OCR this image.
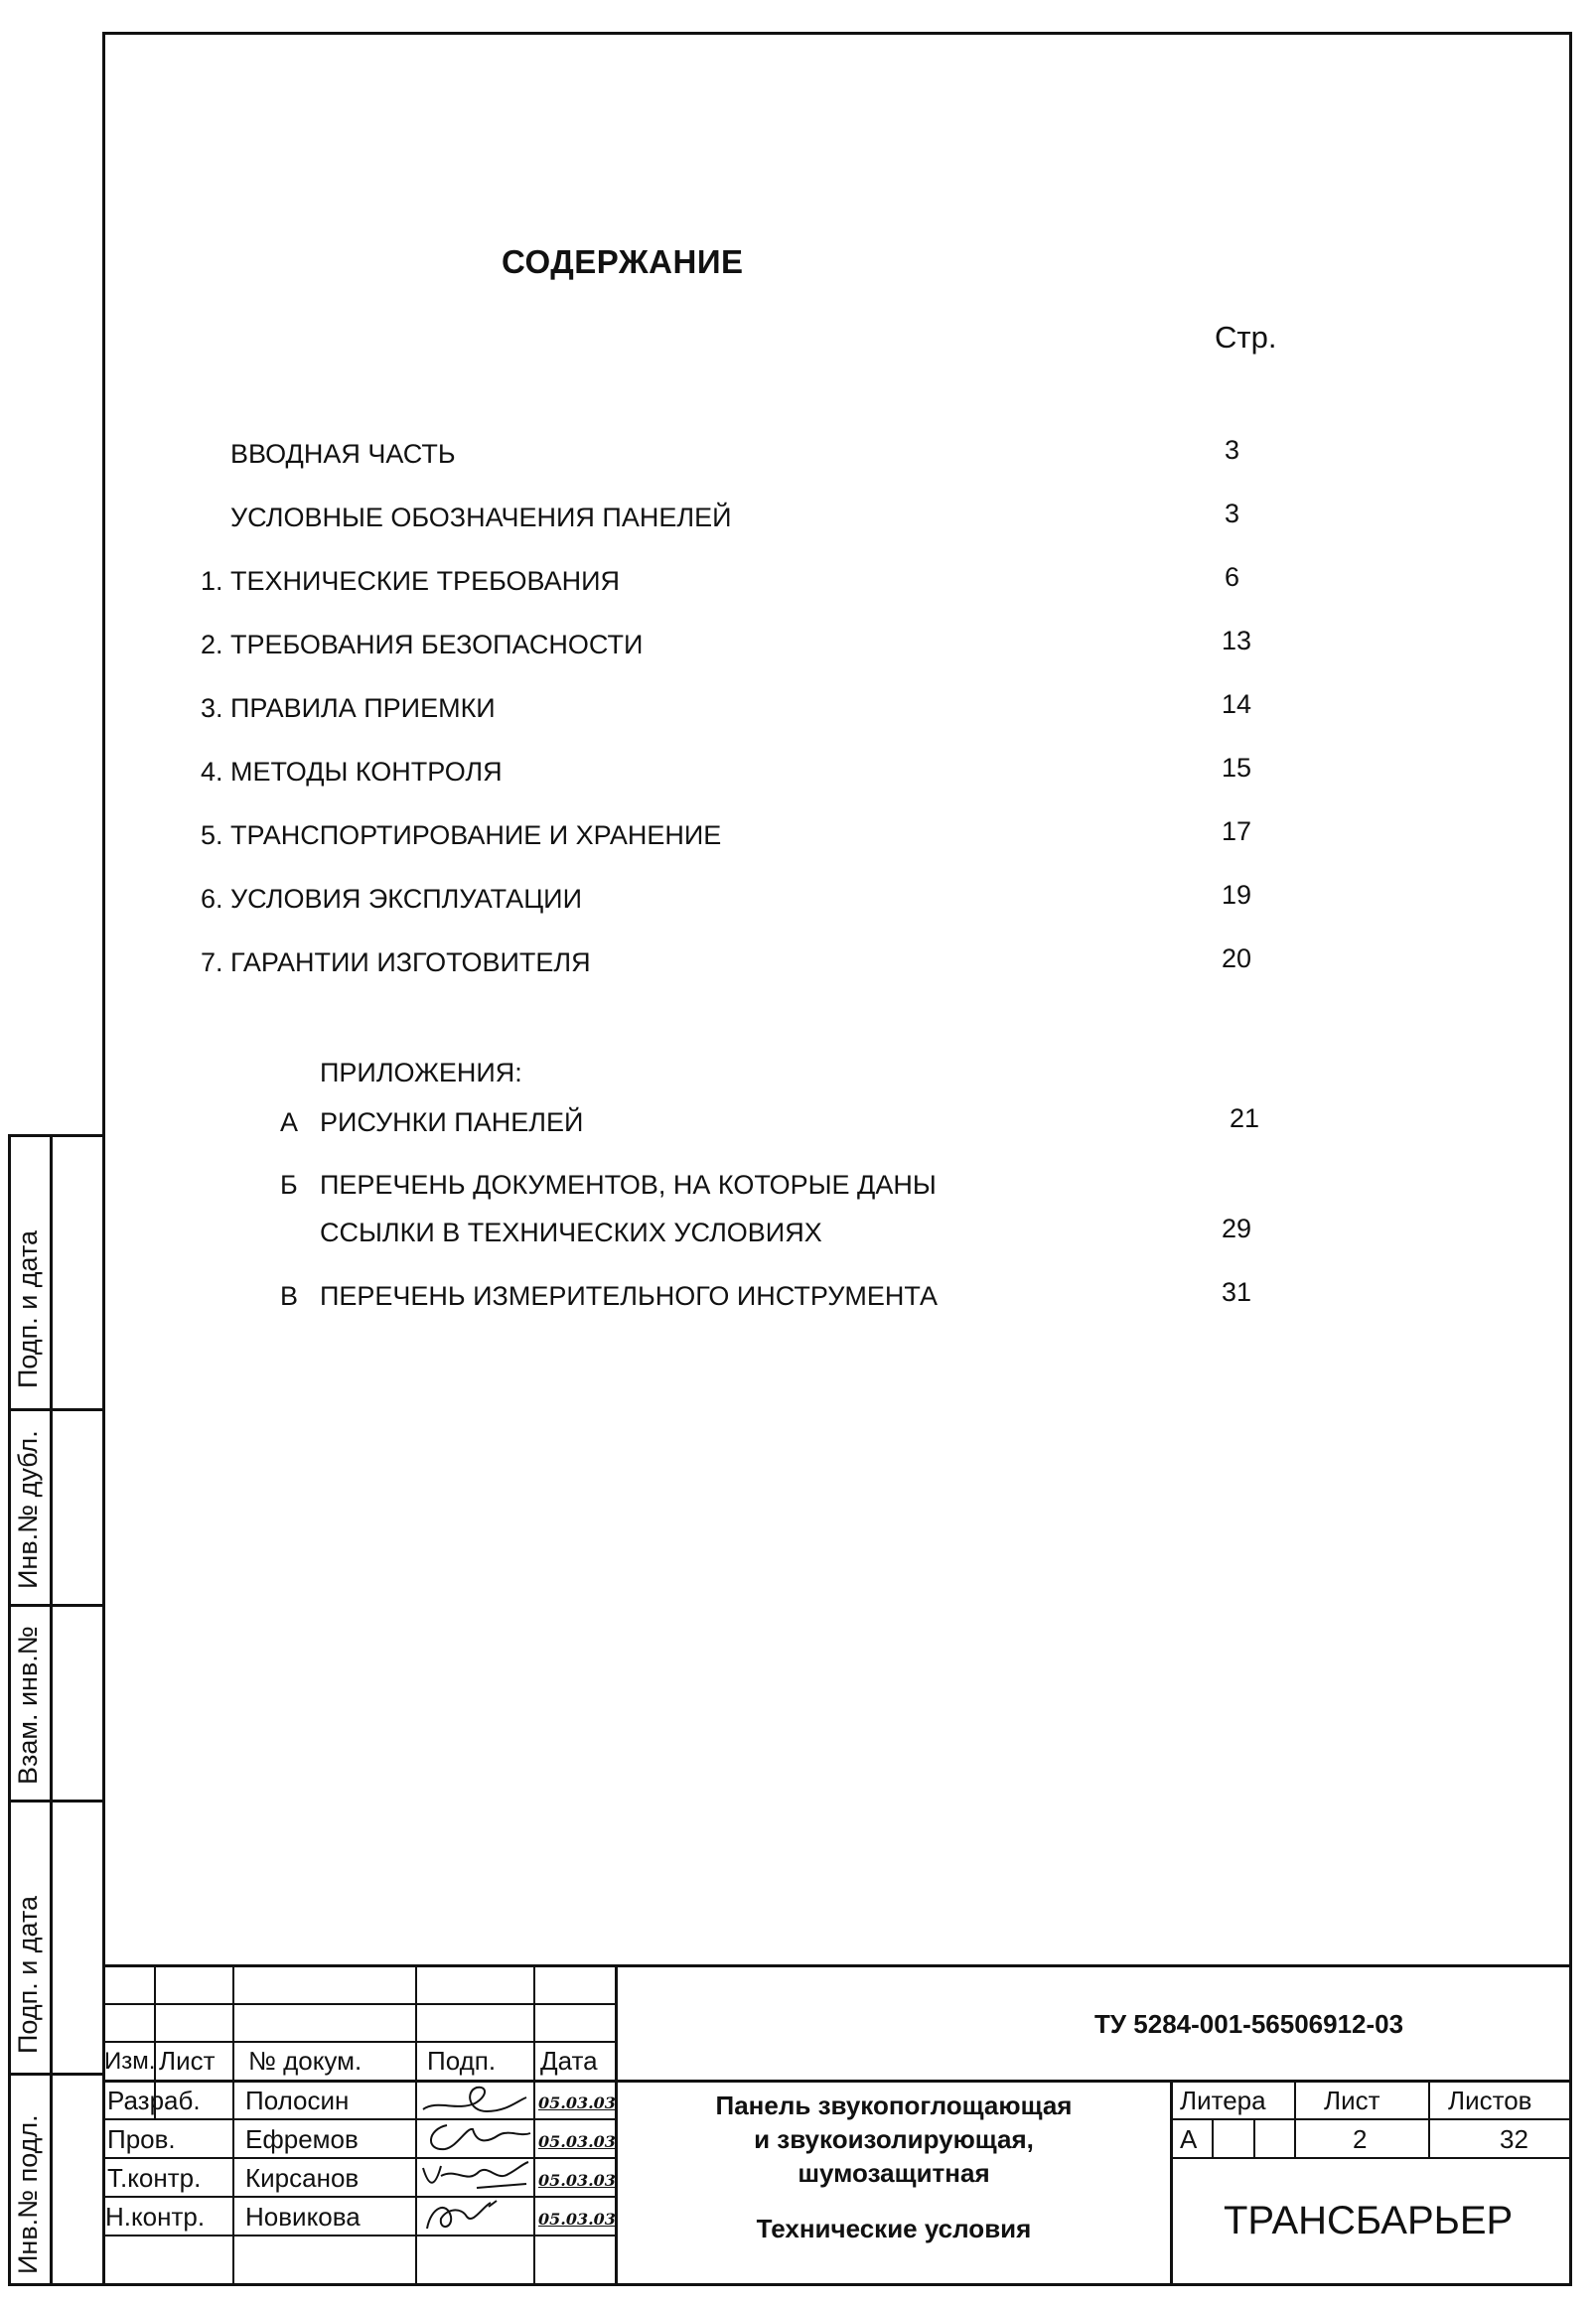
СОДЕРЖАНИЕ
Стр.
ВВОДНАЯ ЧАСТЬ	3
УСЛОВНЫЕ ОБОЗНАЧЕНИЯ ПАНЕЛЕЙ	3
1. ТЕХНИЧЕСКИЕ ТРЕБОВАНИЯ	6
2. ТРЕБОВАНИЯ БЕЗОПАСНОСТИ	13
3. ПРАВИЛА ПРИЕМКИ	14
4. МЕТОДЫ КОНТРОЛЯ	15
5. ТРАНСПОРТИРОВАНИЕ И ХРАНЕНИЕ	17
6. УСЛОВИЯ ЭКСПЛУАТАЦИИ	19
7. ГАРАНТИИ ИЗГОТОВИТЕЛЯ	20
ПРИЛОЖЕНИЯ:
А РИСУНКИ ПАНЕЛЕЙ	21
Б ПЕРЕЧЕНЬ ДОКУМЕНТОВ, НА КОТОРЫЕ ДАНЫ
ССЫЛКИ В ТЕХНИЧЕСКИХ УСЛОВИЯХ	29
В ПЕРЕЧЕНЬ ИЗМЕРИТЕЛЬНОГО ИНСТРУМЕНТА	31
Подп. и дата
Инв.№ дубл.
Взам. инв.№
Подп. и дата
Инв.№ подл.
ТУ 5284-001-56506912-03
Изм. Лист № докум.	Подп. Дата
Разраб. Полосин	05.03.03
Пров.	Ефремов	05.03.03
Т.контр. Кирсанов	05.03.03
Н.контр. Новикова	05.03.03
Панель звукопоглощающая
и звукоизолирующая,
шумозащитная
Технические условия
Литера Лист	Листов
А	2	32
ТРАНСБАРЬЕР
